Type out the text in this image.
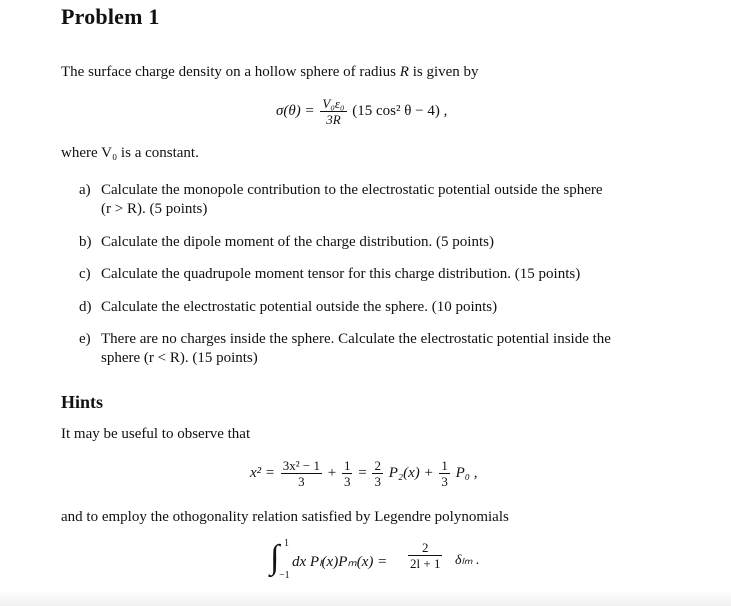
Problem 1
The surface charge density on a hollow sphere of radius R is given by
$\sigma(\theta) = \frac{\text{V₀ε₀}}{3R} (15$ cos² θ − 4) ,
where V₀ is a constant.
a) Calculate the monopole contribution to the electrostatic potential outside the sphere
(r > R). (5 points)
b) Calculate the dipole moment of the charge distribution. (5 points)
c) Calculate the quadrupole moment tensor for this charge distribution. (15 points)
d) Calculate the electrostatic potential outside the sphere. (10 points)
e) There are no charges inside the sphere. Calculate the electrostatic potential inside the
sphere (r < R). (15 points)
Hints
It may be useful to observe that
$x^2 = \frac{\text{3x² − 1}}{3} + \frac{1}{3} = \frac{2}{3} P_2(x) + \frac{1}{3} P_0$ ,
and to employ the othogonality relation satisfied by Legendre polynomials
∫ 1
−1
dx $P_l(x)P_m(x) = \frac{2}{2l + 1}$ δₗₘ .
